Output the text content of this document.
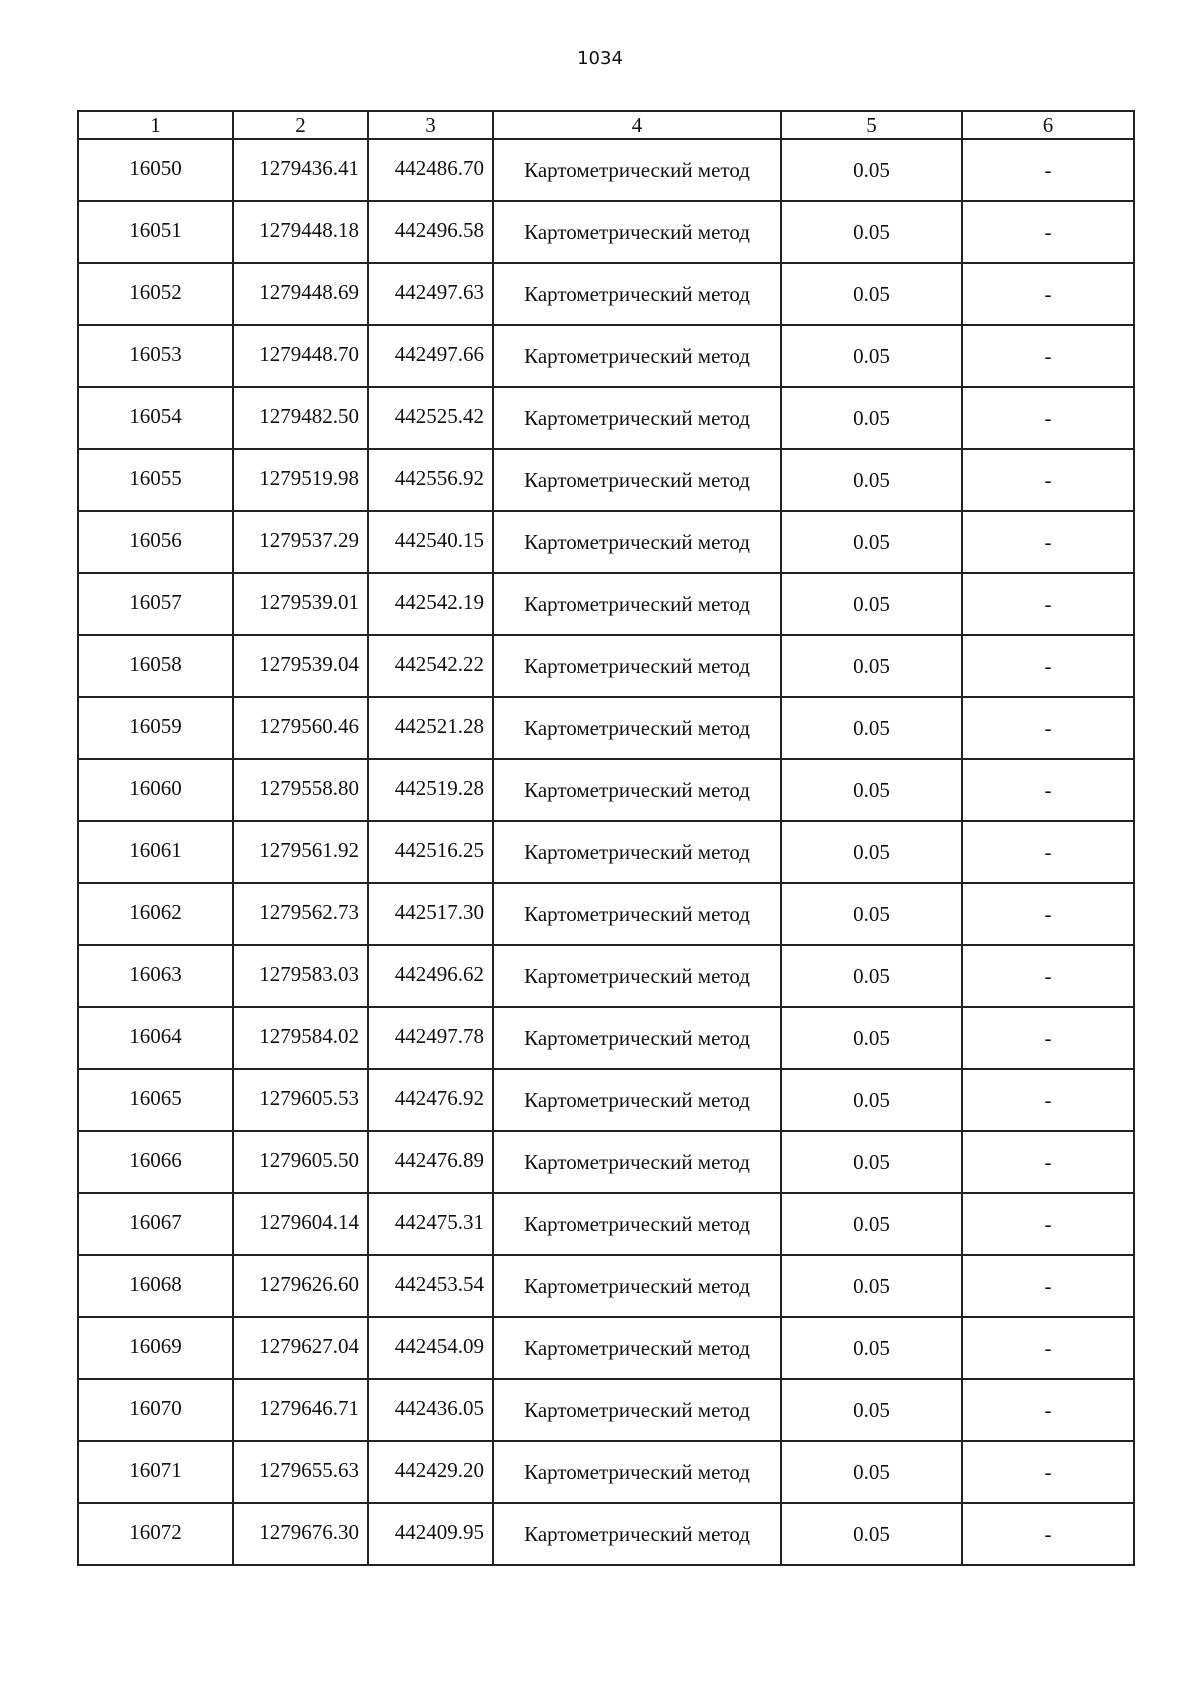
1034
1	2	3	4	5	6
16050	1279436.41	442486.70	Картометрический метод	0.05	-
16051	1279448.18	442496.58	Картометрический метод	0.05	-
16052	1279448.69	442497.63	Картометрический метод	0.05	-
16053	1279448.70	442497.66	Картометрический метод	0.05	-
16054	1279482.50	442525.42	Картометрический метод	0.05	-
16055	1279519.98	442556.92	Картометрический метод	0.05	-
16056	1279537.29	442540.15	Картометрический метод	0.05	-
16057	1279539.01	442542.19	Картометрический метод	0.05	-
16058	1279539.04	442542.22	Картометрический метод	0.05	-
16059	1279560.46	442521.28	Картометрический метод	0.05	-
16060	1279558.80	442519.28	Картометрический метод	0.05	-
16061	1279561.92	442516.25	Картометрический метод	0.05	-
16062	1279562.73	442517.30	Картометрический метод	0.05	-
16063	1279583.03	442496.62	Картометрический метод	0.05	-
16064	1279584.02	442497.78	Картометрический метод	0.05	-
16065	1279605.53	442476.92	Картометрический метод	0.05	-
16066	1279605.50	442476.89	Картометрический метод	0.05	-
16067	1279604.14	442475.31	Картометрический метод	0.05	-
16068	1279626.60	442453.54	Картометрический метод	0.05	-
16069	1279627.04	442454.09	Картометрический метод	0.05	-
16070	1279646.71	442436.05	Картометрический метод	0.05	-
16071	1279655.63	442429.20	Картометрический метод	0.05	-
16072	1279676.30	442409.95	Картометрический метод	0.05	-
